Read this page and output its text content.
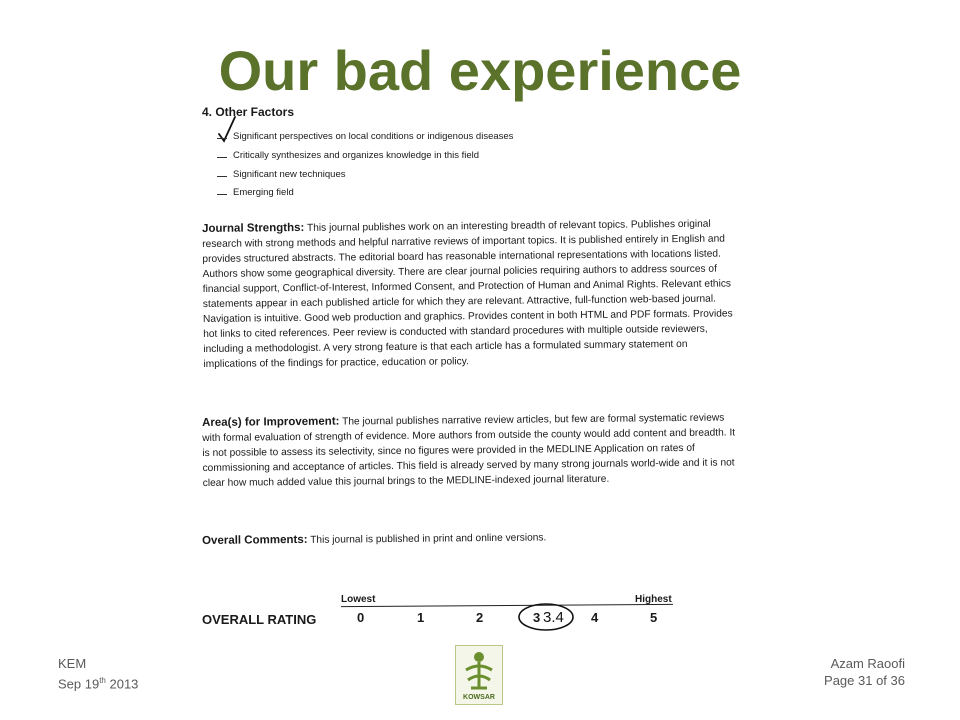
Our bad experience
4. Other Factors
Significant perspectives on local conditions or indigenous diseases
Critically synthesizes and organizes knowledge in this field
Significant new techniques
Emerging field
Journal Strengths: This journal publishes work on an interesting breadth of relevant topics. Publishes original research with strong methods and helpful narrative reviews of important topics. It is published entirely in English and provides structured abstracts. The editorial board has reasonable international representations with locations listed. Authors show some geographical diversity. There are clear journal policies requiring authors to address sources of financial support, Conflict-of-Interest, Informed Consent, and Protection of Human and Animal Rights. Relevant ethics statements appear in each published article for which they are relevant. Attractive, full-function web-based journal. Navigation is intuitive. Good web production and graphics. Provides content in both HTML and PDF formats. Provides hot links to cited references. Peer review is conducted with standard procedures with multiple outside reviewers, including a methodologist. A very strong feature is that each article has a formulated summary statement on implications of the findings for practice, education or policy.
Area(s) for Improvement: The journal publishes narrative review articles, but few are formal systematic reviews with formal evaluation of strength of evidence. More authors from outside the county would add content and breadth. It is not possible to assess its selectivity, since no figures were provided in the MEDLINE Application on rates of commissioning and acceptance of articles. This field is already served by many strong journals world-wide and it is not clear how much added value this journal brings to the MEDLINE-indexed journal literature.
Overall Comments: This journal is published in print and online versions.
OVERALL RATING
Lowest	Highest
0	1	2	3	4	5
3.4
KEM
Sep 19th 2013
KOWSAR
Azam Raoofi
Page 31 of 36
